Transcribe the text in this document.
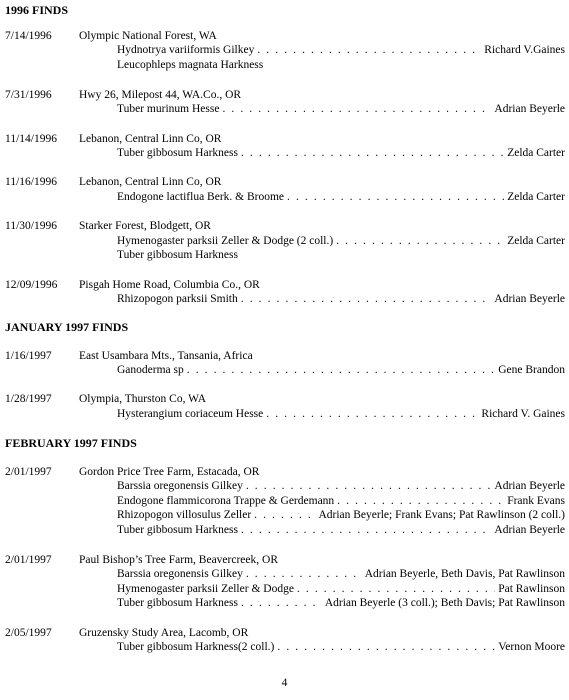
1996 FINDS
7/14/1996 Olympic National Forest, WA
Hydnotrya variiformis Gilkey . . .	Richard V.Gaines
Leucophleps magnata Harkness
7/31/1996 Hwy 26, Milepost 44, WA.Co., OR
Tuber murinum Hesse . . .	Adrian Beyerle
11/14/1996 Lebanon, Central Linn Co, OR
Tuber gibbosum Harkness . . .	Zelda Carter
11/16/1996 Lebanon, Central Linn Co, OR
Endogone lactiflua Berk. & Broome . . .	Zelda Carter
11/30/1996 Starker Forest, Blodgett, OR
Hymenogaster parksii Zeller & Dodge (2 coll.) . . .	Zelda Carter
Tuber gibbosum Harkness
12/09/1996 Pisgah Home Road, Columbia Co., OR
Rhizopogon parksii Smith . . .	Adrian Beyerle
JANUARY 1997 FINDS
1/16/1997 East Usambara Mts., Tansania, Africa
Ganoderma sp . . .	Gene Brandon
1/28/1997 Olympia, Thurston Co, WA
Hysterangium coriaceum Hesse . . .	Richard V. Gaines
FEBRUARY 1997 FINDS
2/01/1997 Gordon Price Tree Farm, Estacada, OR
Barssia oregonensis Gilkey . . .	Adrian Beyerle
Endogone flammicorona Trappe & Gerdemann . . .	Frank Evans
Rhizopogon villosulus Zeller . . .	Adrian Beyerle; Frank Evans; Pat Rawlinson (2 coll.)
Tuber gibbosum Harkness . . .	Adrian Beyerle
2/01/1997 Paul Bishop’s Tree Farm, Beavercreek, OR
Barssia oregonensis Gilkey . . .	Adrian Beyerle, Beth Davis, Pat Rawlinson
Hymenogaster parksii Zeller & Dodge . . .	Pat Rawlinson
Tuber gibbosum Harkness . . .	Adrian Beyerle (3 coll.); Beth Davis; Pat Rawlinson
2/05/1997 Gruzensky Study Area, Lacomb, OR
Tuber gibbosum Harkness(2 coll.) . . .	Vernon Moore
4
